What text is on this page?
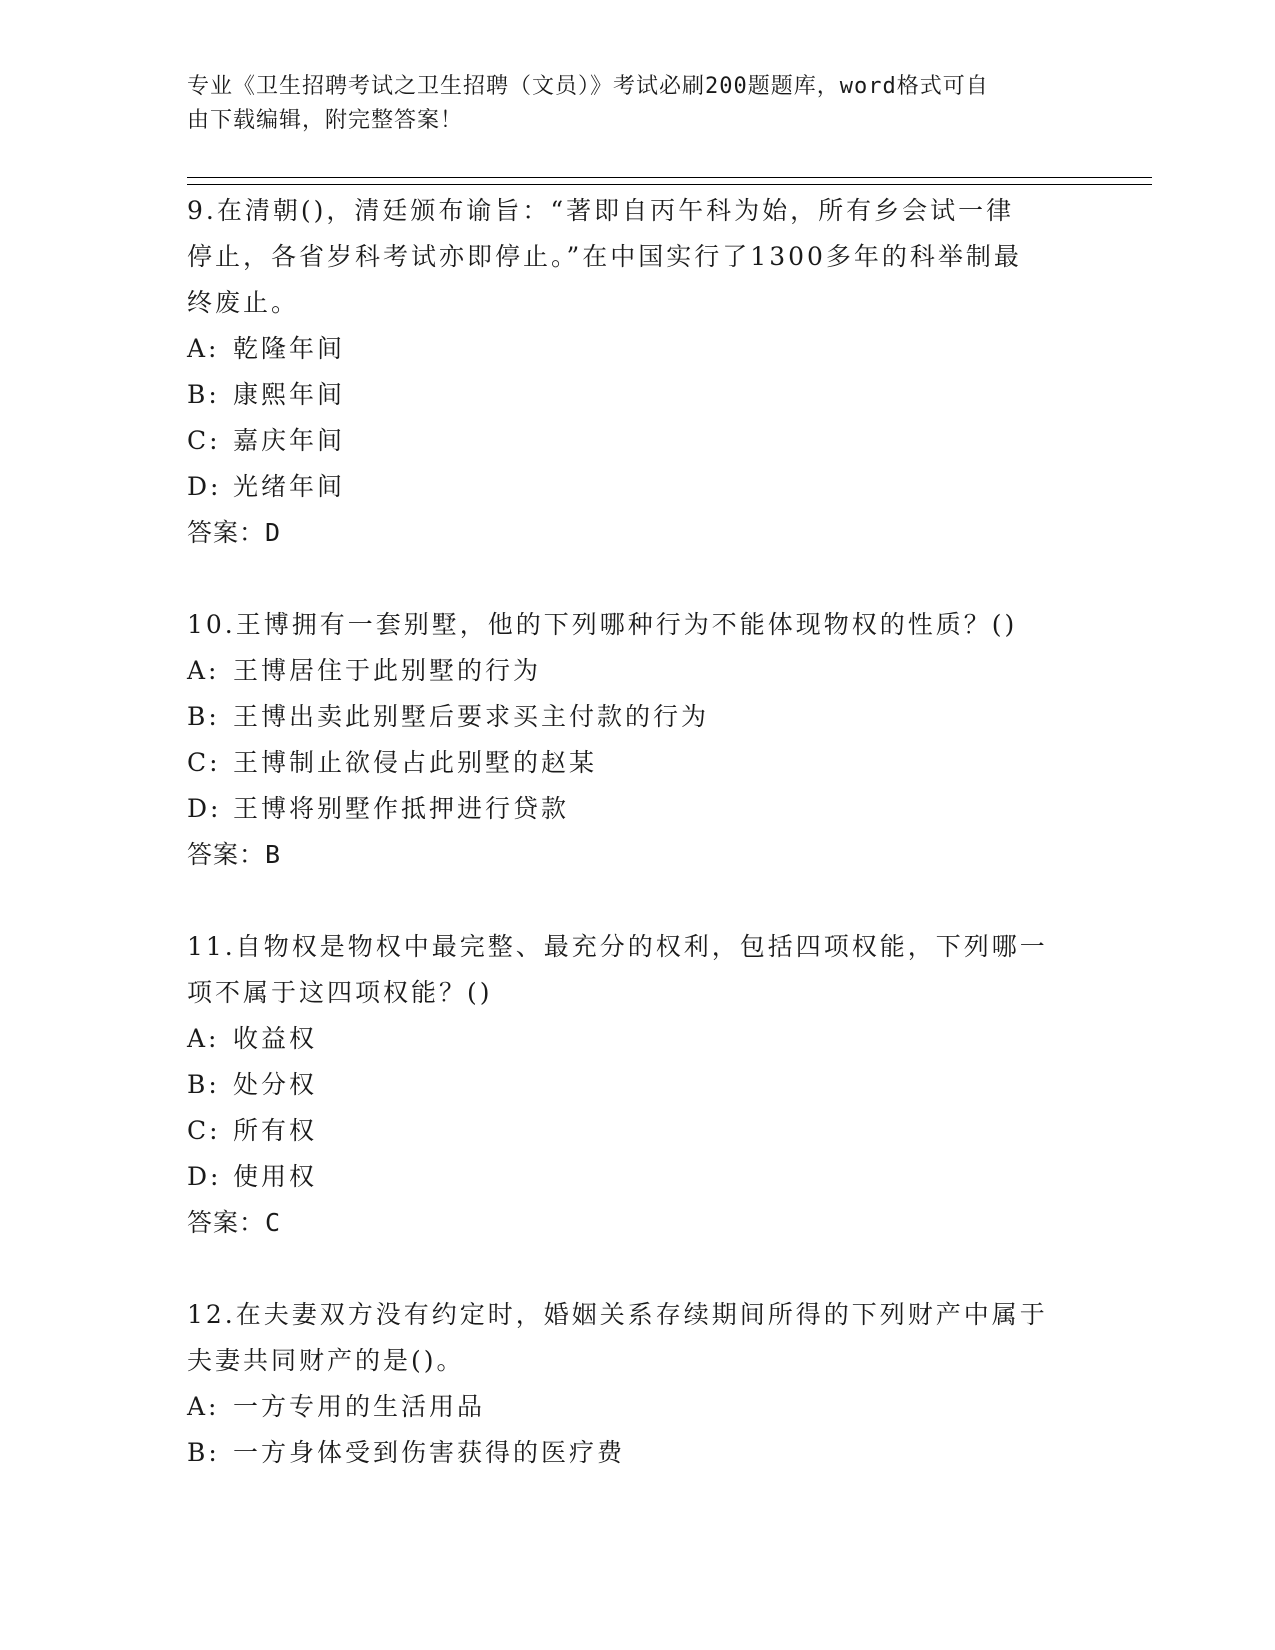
专业《卫生招聘考试之卫生招聘（文员）》考试必刷200题题库，word格式可自
由下载编辑，附完整答案！

9.在清朝()，清廷颁布谕旨：“著即自丙午科为始，所有乡会试一律

停止，各省岁科考试亦即停止。”在中国实行了1300多年的科举制最

终废止。

A: 乾隆年间

B: 康熙年间

C: 嘉庆年间

D: 光绪年间

答案：D

10.王博拥有一套别墅，他的下列哪种行为不能体现物权的性质？()

A: 王博居住于此别墅的行为

B: 王博出卖此别墅后要求买主付款的行为

C: 王博制止欲侵占此别墅的赵某

D: 王博将别墅作抵押进行贷款

答案：B

11.自物权是物权中最完整、最充分的权利，包括四项权能，下列哪一

项不属于这四项权能？()

A: 收益权

B: 处分权

C: 所有权

D: 使用权

答案：C

12.在夫妻双方没有约定时，婚姻关系存续期间所得的下列财产中属于

夫妻共同财产的是()。

A: 一方专用的生活用品

B: 一方身体受到伤害获得的医疗费
